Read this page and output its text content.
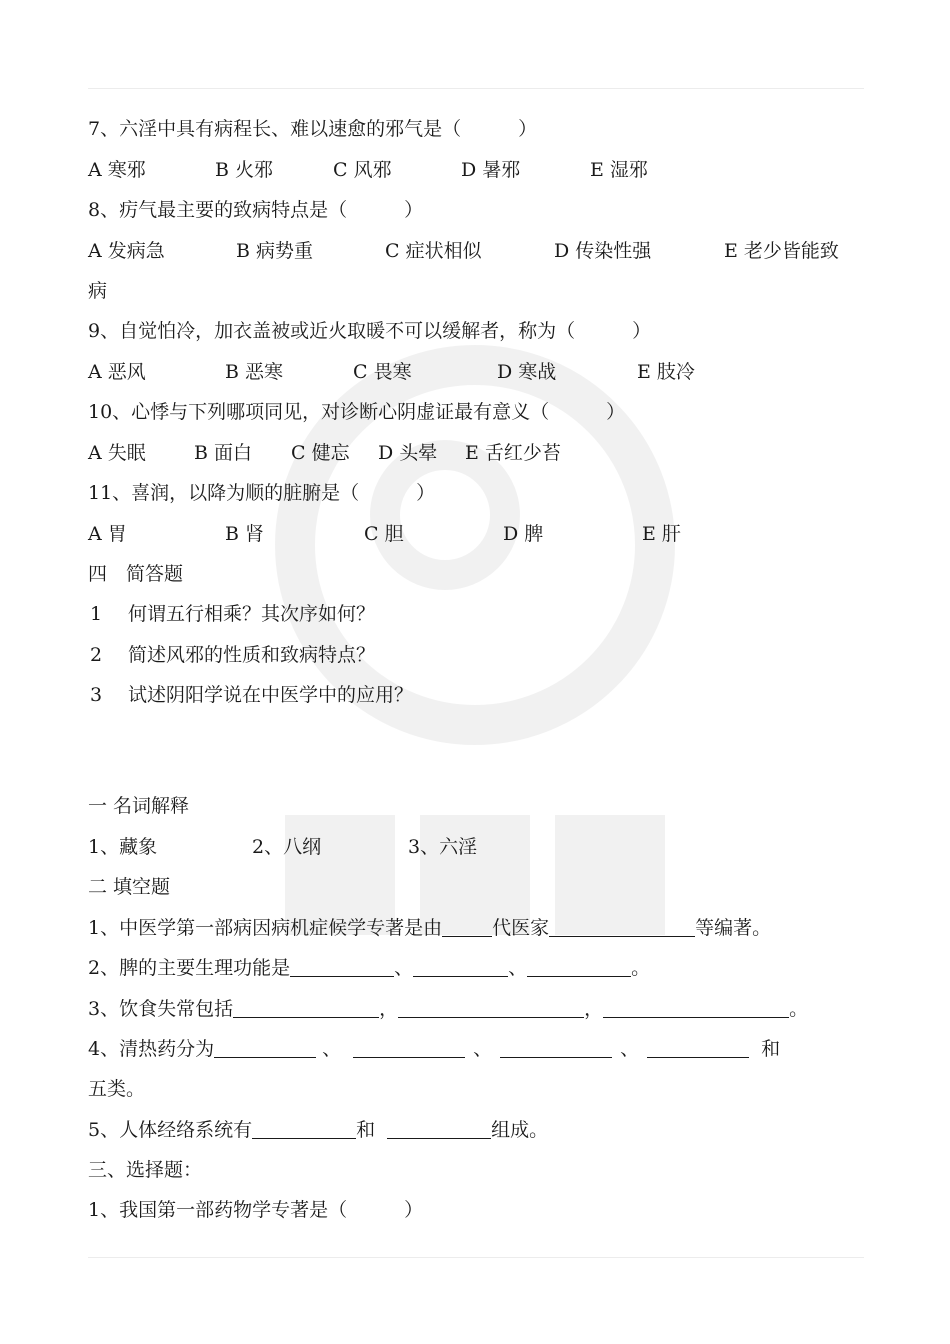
7、六淫中具有病程长、难以速愈的邪气是（　　　）
A 寒邪	B 火邪	C 风邪	D 暑邪	E 湿邪
8、疠气最主要的致病特点是（　　　）
A 发病急	B 病势重	C 症状相似	D 传染性强	E 老少皆能致
病
9、自觉怕冷，加衣盖被或近火取暖不可以缓解者，称为（　　　）
A 恶风	B 恶寒	C 畏寒	D 寒战	E 肢冷
10、心悸与下列哪项同见，对诊断心阴虚证最有意义（　　　）
A 失眠	B 面白 C 健忘 D 头晕 E 舌红少苔
11、喜润，以降为顺的脏腑是（　　　）
A 胃	B 肾	C 胆	D 脾	E 肝
四　简答题
1 何谓五行相乘？其次序如何？
2 简述风邪的性质和致病特点？
3 试述阴阳学说在中医学中的应用？
一 名词解释
1、藏象	2、八纲	3、六淫
二 填空题
1、中医学第一部病因病机症候学专著是由	代医家	等编著。
2、脾的主要生理功能是	、	、	。
3、饮食失常包括	，	，	。
4、清热药分为	、	、	、	和
五类。
5、人体经络系统有	和	组成。
三、选择题：
1、我国第一部药物学专著是（　　　）
